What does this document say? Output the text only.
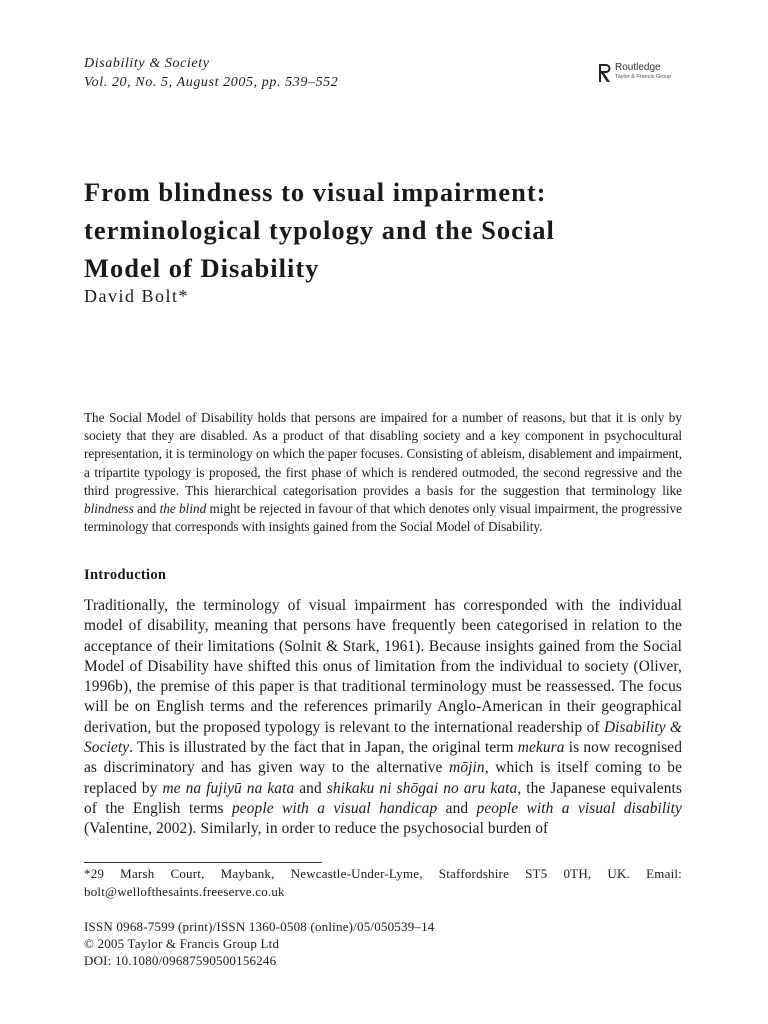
Disability & Society
Vol. 20, No. 5, August 2005, pp. 539–552
Routledge
Taylor & Francis Group
From blindness to visual impairment:
terminological typology and the Social
Model of Disability
David Bolt*
The Social Model of Disability holds that persons are impaired for a number of reasons, but that it is only by society that they are disabled. As a product of that disabling society and a key component in psychocultural representation, it is terminology on which the paper focuses. Consisting of ableism, disablement and impairment, a tripartite typology is proposed, the first phase of which is rendered outmoded, the second regressive and the third progressive. This hierarchical categorisation provides a basis for the suggestion that terminology like blindness and the blind might be rejected in favour of that which denotes only visual impairment, the progressive terminology that corresponds with insights gained from the Social Model of Disability.
Introduction
Traditionally, the terminology of visual impairment has corresponded with the individual model of disability, meaning that persons have frequently been categorised in relation to the acceptance of their limitations (Solnit & Stark, 1961). Because insights gained from the Social Model of Disability have shifted this onus of limitation from the individual to society (Oliver, 1996b), the premise of this paper is that traditional terminology must be reassessed. The focus will be on English terms and the references primarily Anglo-American in their geographical derivation, but the proposed typology is relevant to the international readership of Disability & Society. This is illustrated by the fact that in Japan, the original term mekura is now recognised as discriminatory and has given way to the alternative mōjin, which is itself coming to be replaced by me na fujiyū na kata and shikaku ni shōgai no aru kata, the Japanese equivalents of the English terms people with a visual handicap and people with a visual disability (Valentine, 2002). Similarly, in order to reduce the psychosocial burden of
*29 Marsh Court, Maybank, Newcastle-Under-Lyme, Staffordshire ST5 0TH, UK. Email: bolt@wellofthesaints.freeserve.co.uk
ISSN 0968-7599 (print)/ISSN 1360-0508 (online)/05/050539–14
© 2005 Taylor & Francis Group Ltd
DOI: 10.1080/09687590500156246
